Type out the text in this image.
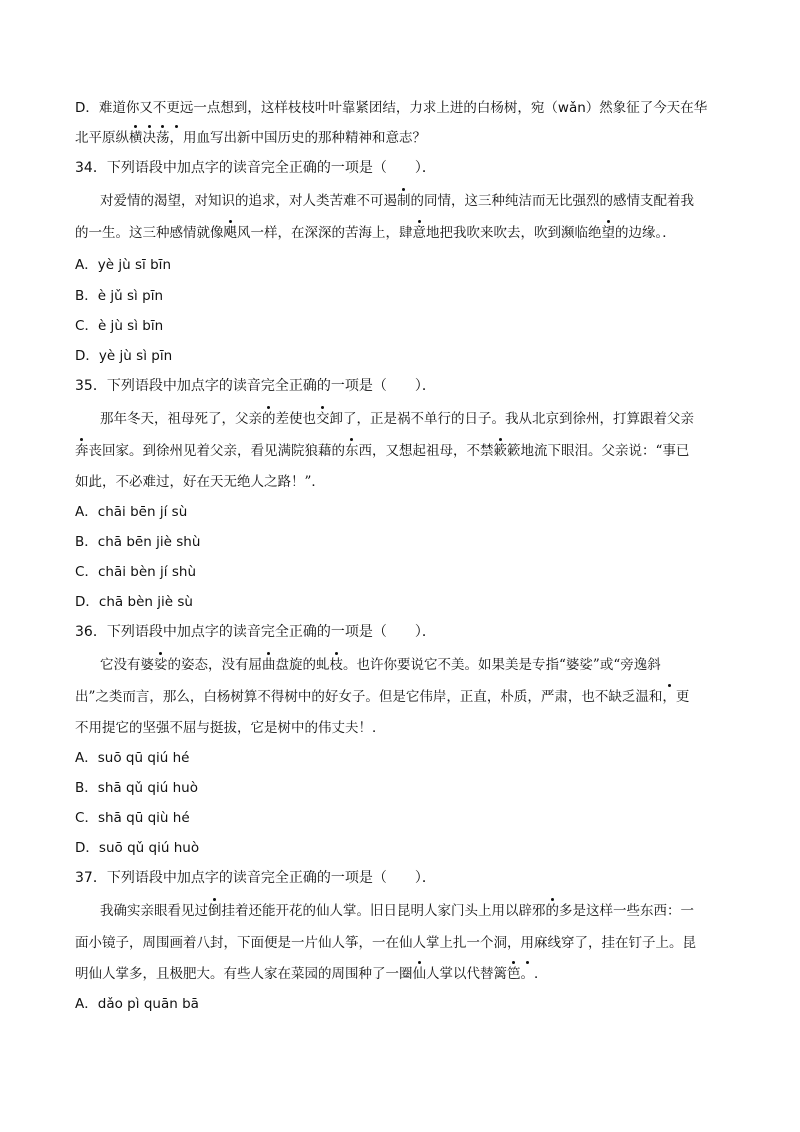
D．难道你又不更远一点想到，这样枝枝叶叶靠紧团结，力求上进的白杨树，宛（wǎn）然象征了今天在华
北平原纵横决荡，用血写出新中国历史的那种精神和意志？
34．下列语段中加点字的读音完全正确的一项是（　　 ）．
对爱情的渴望，对知识的追求，对人类苦难不可遏制的同情，这三种纯洁而无比强烈的感情支配着我
的一生。这三种感情就像飓风一样，在深深的苦海上，肆意地把我吹来吹去，吹到濒临绝望的边缘。．
A．yè jù sī bīn
B．è jǔ sì pīn
C．è jù sì bīn
D．yè jù sì pīn
35．下列语段中加点字的读音完全正确的一项是（　　 ）．
那年冬天，祖母死了，父亲的差使也交卸了，正是祸不单行的日子。我从北京到徐州，打算跟着父亲
奔丧回家。到徐州见着父亲，看见满院狼藉的东西，又想起祖母，不禁簌簌地流下眼泪。父亲说：“事已
如此，不必难过，好在天无绝人之路！”．
A．chāi bēn jí sù
B．chā bēn jiè shù
C．chāi bèn jí shù
D．chā bèn jiè sù
36．下列语段中加点字的读音完全正确的一项是（　　 ）．
它没有婆娑的姿态，没有屈曲盘旋的虬枝。也许你要说它不美。如果美是专指“婆娑”或“旁逸斜
出”之类而言，那么，白杨树算不得树中的好女子。但是它伟岸，正直，朴质，严肃，也不缺乏温和，更
不用提它的坚强不屈与挺拔，它是树中的伟丈夫！．
A．suō qū qiú hé
B．shā qǔ qiú huò
C．shā qū qiù hé
D．suō qǔ qiú huò
37．下列语段中加点字的读音完全正确的一项是（　　 ）．
我确实亲眼看见过倒挂着还能开花的仙人掌。旧日昆明人家门头上用以辟邪的多是这样一些东西：一
面小镜子，周围画着八封，下面便是一片仙人筝，一在仙人掌上扎一个洞，用麻线穿了，挂在钉子上。昆
明仙人掌多，且极肥大。有些人家在菜园的周围种了一圈仙人掌以代替篱笆。．
A．dǎo pì quān bā
